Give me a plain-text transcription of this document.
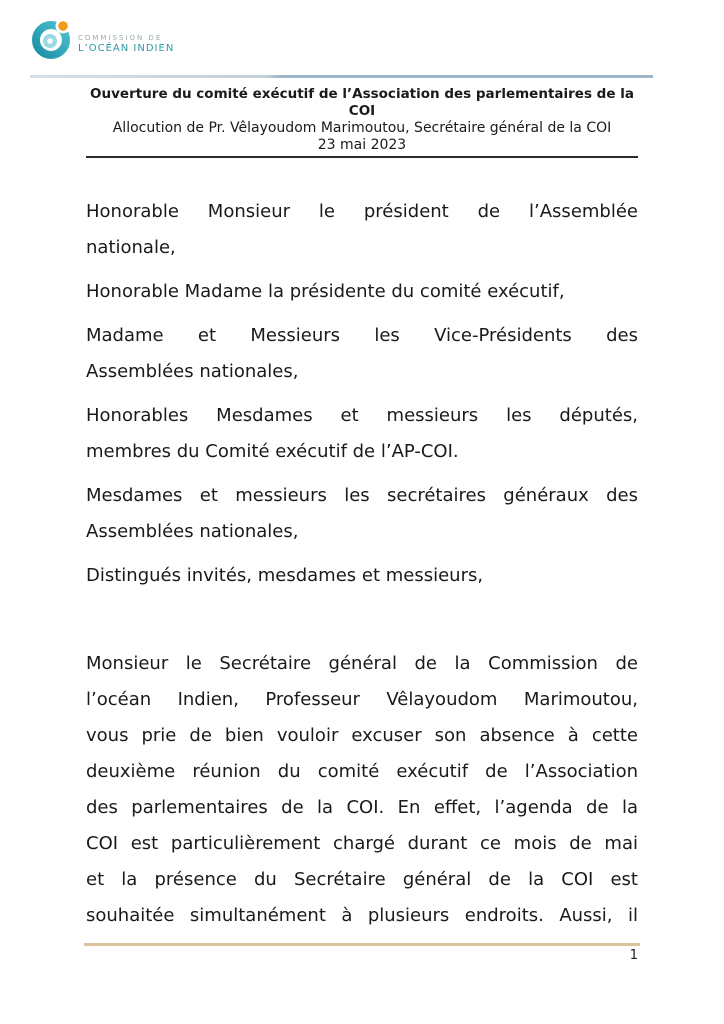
COMMISSION DE
L’OCÉAN INDIEN
Ouverture du comité exécutif de l’Association des parlementaires de la
COI
Allocution de Pr. Vêlayoudom Marimoutou, Secrétaire général de la COI
23 mai 2023
Honorable Monsieur le président de l’Assemblée
nationale,
Honorable Madame la présidente du comité exécutif,
Madame et Messieurs les Vice-Présidents des
Assemblées nationales,
Honorables Mesdames et messieurs les députés,
membres du Comité exécutif de l’AP-COI.
Mesdames et messieurs les secrétaires généraux des
Assemblées nationales,
Distingués invités, mesdames et messieurs,
Monsieur le Secrétaire général de la Commission de
l’océan Indien, Professeur Vêlayoudom Marimoutou,
vous prie de bien vouloir excuser son absence à cette
deuxième réunion du comité exécutif de l’Association
des parlementaires de la COI. En effet, l’agenda de la
COI est particulièrement chargé durant ce mois de mai
et la présence du Secrétaire général de la COI est
souhaitée simultanément à plusieurs endroits. Aussi, il
1
